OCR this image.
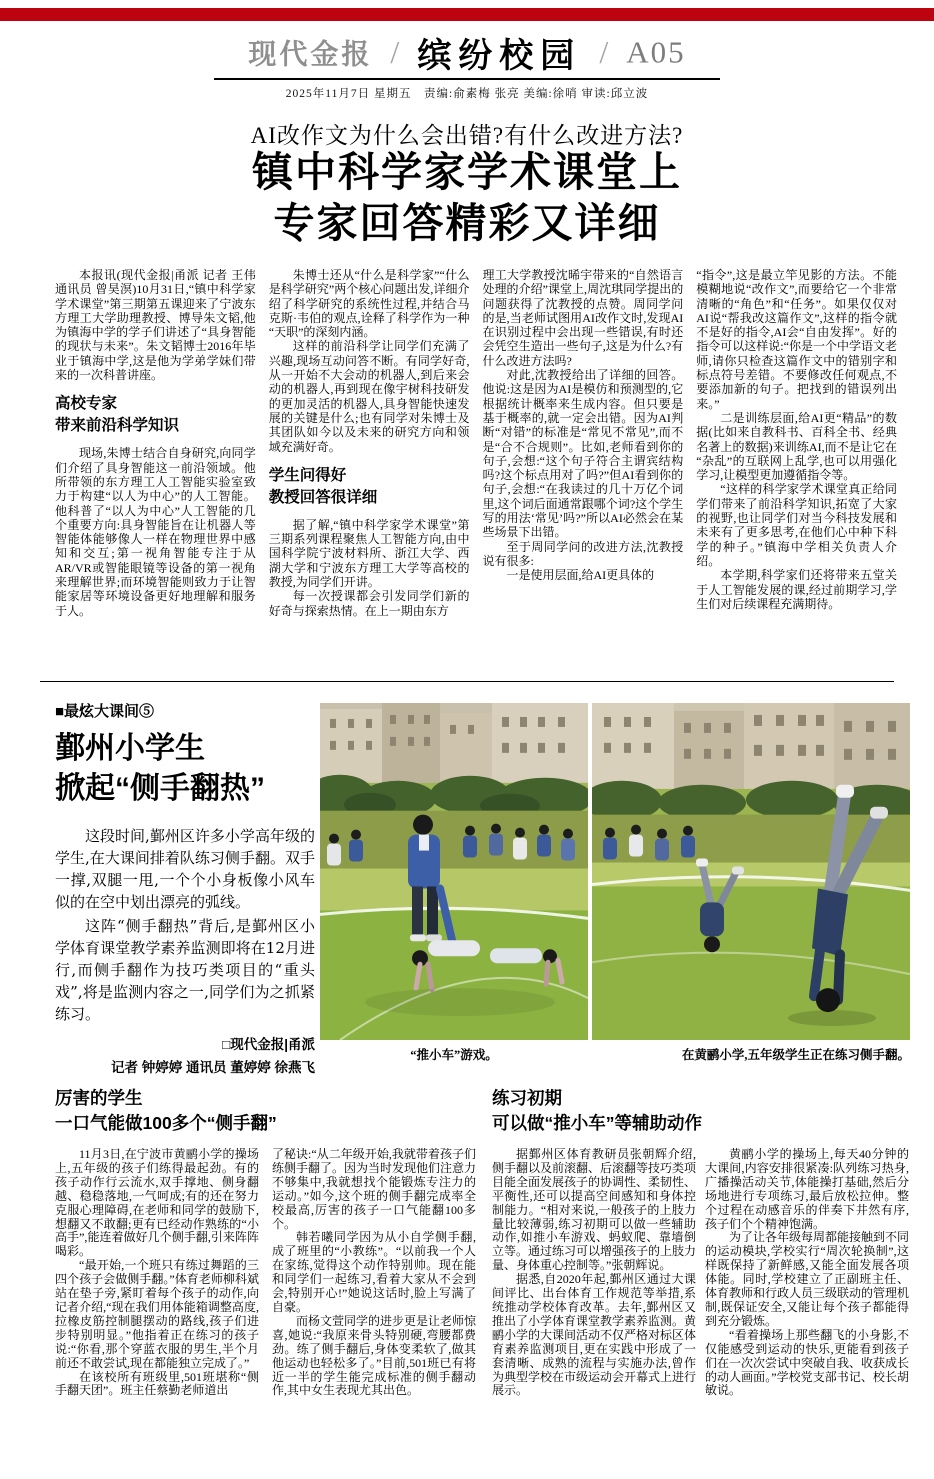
现代金报 / 缤纷校园 / A05
2025年11月7日 星期五　责编:俞素梅 张亮 美编:徐哨 审读:邱立波
AI改作文为什么会出错?有什么改进方法?
镇中科学家学术课堂上
专家回答精彩又详细

本报讯(现代金报|甬派 记者 王伟 通讯员 曾昊溟)10月31日,“镇中科学家学术课堂”第三期第五课迎来了宁波东方理工大学助理教授、博导朱文韬,他为镇海中学的学子们讲述了“具身智能的现状与未来”。朱文韬博士2016年毕业于镇海中学,这是他为学弟学妹们带来的一次科普讲座。

高校专家
带来前沿科学知识

现场,朱博士结合自身研究,向同学们介绍了具身智能这一前沿领域。他所带领的东方理工人工智能实验室致力于构建“以人为中心”的人工智能。他科普了“以人为中心”人工智能的几个重要方向:具身智能旨在让机器人等智能体能够像人一样在物理世界中感知和交互;第一视角智能专注于从AR/VR或智能眼镜等设备的第一视角来理解世界;而环境智能则致力于让智能家居等环境设备更好地理解和服务于人。

朱博士还从“什么是科学家”“什么是科学研究”两个核心问题出发,详细介绍了科学研究的系统性过程,并结合马克斯·韦伯的观点,诠释了科学作为一种“天职”的深刻内涵。

这样的前沿科学让同学们充满了兴趣,现场互动问答不断。有同学好奇,从一开始不大会动的机器人,到后来会动的机器人,再到现在像宇树科技研发的更加灵活的机器人,具身智能快速发展的关键是什么;也有同学对朱博士及其团队如今以及未来的研究方向和领域充满好奇。

学生问得好
教授回答很详细

据了解,“镇中科学家学术课堂”第三期系列课程聚焦人工智能方向,由中国科学院宁波材料所、浙江大学、西湖大学和宁波东方理工大学等高校的教授,为同学们开讲。

每一次授课都会引发同学们新的好奇与探索热情。在上一期由东方

理工大学教授沈晞宇带来的“自然语言处理的介绍”课堂上,周沈琪同学提出的问题获得了沈教授的点赞。周同学问的是,当老师试图用AI改作文时,发现AI在识别过程中会出现一些错误,有时还会凭空生造出一些句子,这是为什么?有什么改进方法吗?

对此,沈教授给出了详细的回答。他说:这是因为AI是模仿和预测型的,它根据统计概率来生成内容。但只要是基于概率的,就一定会出错。因为AI判断“对错”的标准是“常见不常见”,而不是“合不合规则”。比如,老师看到你的句子,会想:“这个句子符合主谓宾结构吗?这个标点用对了吗?”但AI看到你的句子,会想:“在我读过的几十万亿个词里,这个词后面通常跟哪个词?这个学生写的用法‘常见’吗?”所以AI必然会在某些场景下出错。

至于周同学问的改进方法,沈教授说有很多:

一是使用层面,给AI更具体的

“指令”,这是最立竿见影的方法。不能模糊地说“改作文”,而要给它一个非常清晰的“角色”和“任务”。如果仅仅对AI说“帮我改这篇作文”,这样的指令就不是好的指令,AI会“自由发挥”。好的指令可以这样说:“你是一个中学语文老师,请你只检查这篇作文中的错别字和标点符号差错。不要修改任何观点,不要添加新的句子。把找到的错误列出来。”

二是训练层面,给AI更“精品”的数据(比如来自教科书、百科全书、经典名著上的数据)来训练AI,而不是让它在“杂乱”的互联网上乱学,也可以用强化学习,让模型更加遵循指令等。

“这样的科学家学术课堂真正给同学们带来了前沿科学知识,拓宽了大家的视野,也让同学们对当今科技发展和未来有了更多思考,在他们心中种下科学的种子。”镇海中学相关负责人介绍。

本学期,科学家们还将带来五堂关于人工智能发展的课,经过前期学习,学生们对后续课程充满期待。

■最炫大课间⑤
鄞州小学生
掀起“侧手翻热”

这段时间,鄞州区许多小学高年级的学生,在大课间排着队练习侧手翻。双手一撑,双腿一甩,一个个小身板像小风车似的在空中划出漂亮的弧线。

这阵“侧手翻热”背后,是鄞州区小学体育课堂教学素养监测即将在12月进行,而侧手翻作为技巧类项目的“重头戏”,将是监测内容之一,同学们为之抓紧练习。

□现代金报|甬派
记者 钟婷婷 通讯员 董婷婷 徐燕飞
“推小车”游戏。	在黄鹂小学,五年级学生正在练习侧手翻。
厉害的学生
一口气能做100多个“侧手翻”
练习初期
可以做“推小车”等辅助动作

11月3日,在宁波市黄鹂小学的操场上,五年级的孩子们练得最起劲。有的孩子动作行云流水,双手撑地、侧身翻越、稳稳落地,一气呵成;有的还在努力克服心理障碍,在老师和同学的鼓励下,想翻又不敢翻;更有已经动作熟练的“小高手”,能连着做好几个侧手翻,引来阵阵喝彩。

“最开始,一个班只有练过舞蹈的三四个孩子会做侧手翻。”体育老师柳科斌站在垫子旁,紧盯着每个孩子的动作,向记者介绍,“现在我们用体能箱调整高度,拉橡皮筋控制腿摆动的路线,孩子们进步特别明显。”他指着正在练习的孩子说:“你看,那个穿蓝衣服的男生,半个月前还不敢尝试,现在都能独立完成了。”

在该校所有班级里,501班堪称“侧手翻天团”。班主任蔡勤老师道出

了秘诀:“从二年级开始,我就带着孩子们练侧手翻了。因为当时发现他们注意力不够集中,我就想找个能锻炼专注力的运动。”如今,这个班的侧手翻完成率全校最高,厉害的孩子一口气能翻100多个。

韩若曦同学因为从小自学侧手翻,成了班里的“小教练”。“以前我一个人在家练,觉得这个动作特别帅。现在能和同学们一起练习,看着大家从不会到会,特别开心!”她说这话时,脸上写满了自豪。

而杨文萱同学的进步更是让老师惊喜,她说:“我原来骨头特别硬,弯腰都费劲。练了侧手翻后,身体变柔软了,做其他运动也轻松多了。”目前,501班已有将近一半的学生能完成标准的侧手翻动作,其中女生表现尤其出色。

据鄞州区体育教研员张朝辉介绍,侧手翻以及前滚翻、后滚翻等技巧类项目能全面发展孩子的协调性、柔韧性、平衡性,还可以提高空间感知和身体控制能力。“相对来说,一般孩子的上肢力量比较薄弱,练习初期可以做一些辅助动作,如推小车游戏、蚂蚁爬、靠墙倒立等。通过练习可以增强孩子的上肢力量、身体重心控制等。”张朝辉说。

据悉,自2020年起,鄞州区通过大课间评比、出台体育工作规范等举措,系统推动学校体育改革。去年,鄞州区又推出了小学体育课堂教学素养监测。黄鹂小学的大课间活动不仅严格对标区体育素养监测项目,更在实践中形成了一套清晰、成熟的流程与实施办法,曾作为典型学校在市级运动会开幕式上进行展示。

黄鹂小学的操场上,每天40分钟的大课间,内容安排很紧凑:队列练习热身,广播操活动关节,体能操打基础,然后分场地进行专项练习,最后放松拉伸。整个过程在动感音乐的伴奏下井然有序,孩子们个个精神饱满。

为了让各年级每周都能接触到不同的运动模块,学校实行“周次轮换制”,这样既保持了新鲜感,又能全面发展各项体能。同时,学校建立了正副班主任、体育教师和行政人员三级联动的管理机制,既保证安全,又能让每个孩子都能得到充分锻炼。

“看着操场上那些翻飞的小身影,不仅能感受到运动的快乐,更能看到孩子们在一次次尝试中突破自我、收获成长的动人画面。”学校党支部书记、校长胡敏说。
